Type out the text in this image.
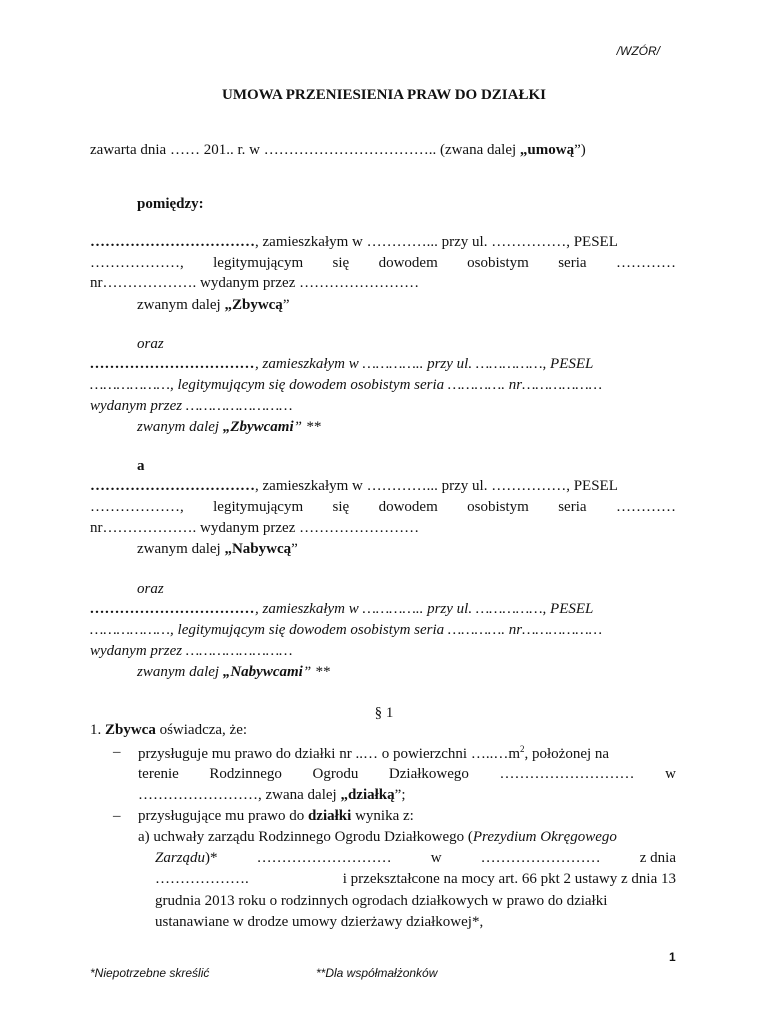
/WZÓR/
UMOWA PRZENIESIENIA PRAW DO DZIAŁKI
zawarta dnia …… 201.. r. w …………………………….. (zwana dalej „umową”)
pomiędzy:
……………………………, zamieszkałym w …………... przy ul. ……………, PESEL
………………, legitymującym się dowodem osobistym seria …………
nr………………. wydanym przez ……………………
zwanym dalej „Zbywcą”
oraz
……………………………, zamieszkałym w ………….. przy ul. ……………, PESEL
………………, legitymującym się dowodem osobistym seria …………. nr………………
wydanym przez ……………………
zwanym dalej „Zbywcami” **
a
……………………………, zamieszkałym w …………... przy ul. ……………, PESEL
………………, legitymującym się dowodem osobistym seria …………
nr………………. wydanym przez ……………………
zwanym dalej „Nabywcą”
oraz
……………………………, zamieszkałym w ………….. przy ul. ……………, PESEL
………………, legitymującym się dowodem osobistym seria …………. nr………………
wydanym przez ……………………
zwanym dalej „Nabywcami” **
§ 1
1. Zbywca oświadcza, że:
– przysługuje mu prawo do działki nr ..… o powierzchni $\dots..\dots m^2$, położonej na
terenie Rodzinnego Ogrodu Działkowego ……………………… w
……………………, zwana dalej „działką”;
– przysługujące mu prawo do działki wynika z:
a) uchwały zarządu Rodzinnego Ogrodu Działkowego (Prezydium Okręgowego
Zarządu)*	………………………	w	……………………	z dnia
……………….	i przekształcone na mocy art. 66 pkt 2 ustawy z dnia 13
grudnia 2013 roku o rodzinnych ogrodach działkowych w prawo do działki
ustanawiane w drodze umowy dzierżawy działkowej*,
1
*Niepotrzebne skreślić	**Dla współmałżonków
